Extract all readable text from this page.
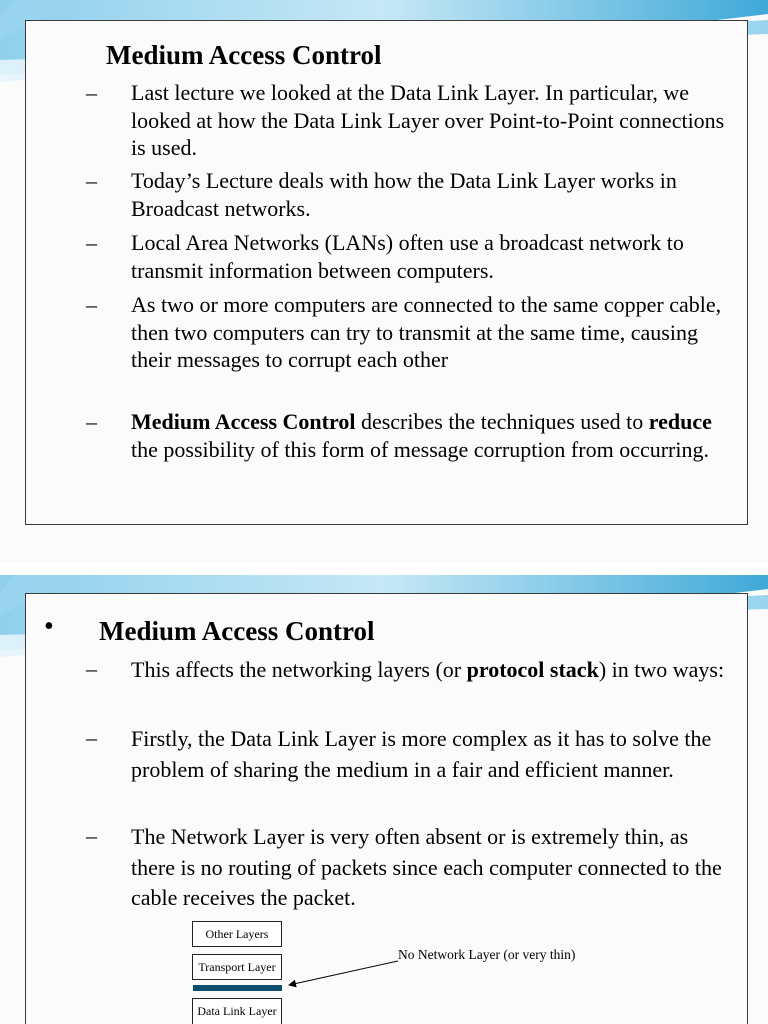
Medium Access Control
– Last lecture we looked at the Data Link Layer. In particular, we looked at how the Data Link Layer over Point-to-Point connections is used.
– Today’s Lecture deals with how the Data Link Layer works in Broadcast networks.
– Local Area Networks (LANs) often use a broadcast network to transmit information between computers.
– As two or more computers are connected to the same copper cable, then two computers can try to transmit at the same time, causing their messages to corrupt each other
– Medium Access Control describes the techniques used to reduce the possibility of this form of message corruption from occurring.
• Medium Access Control
– This affects the networking layers (or protocol stack) in two ways:
– Firstly, the Data Link Layer is more complex as it has to solve the problem of sharing the medium in a fair and efficient manner.
– The Network Layer is very often absent or is extremely thin, as there is no routing of packets since each computer connected to the cable receives the packet.
Other Layers
Transport Layer
Data Link Layer
No Network Layer (or very thin)
